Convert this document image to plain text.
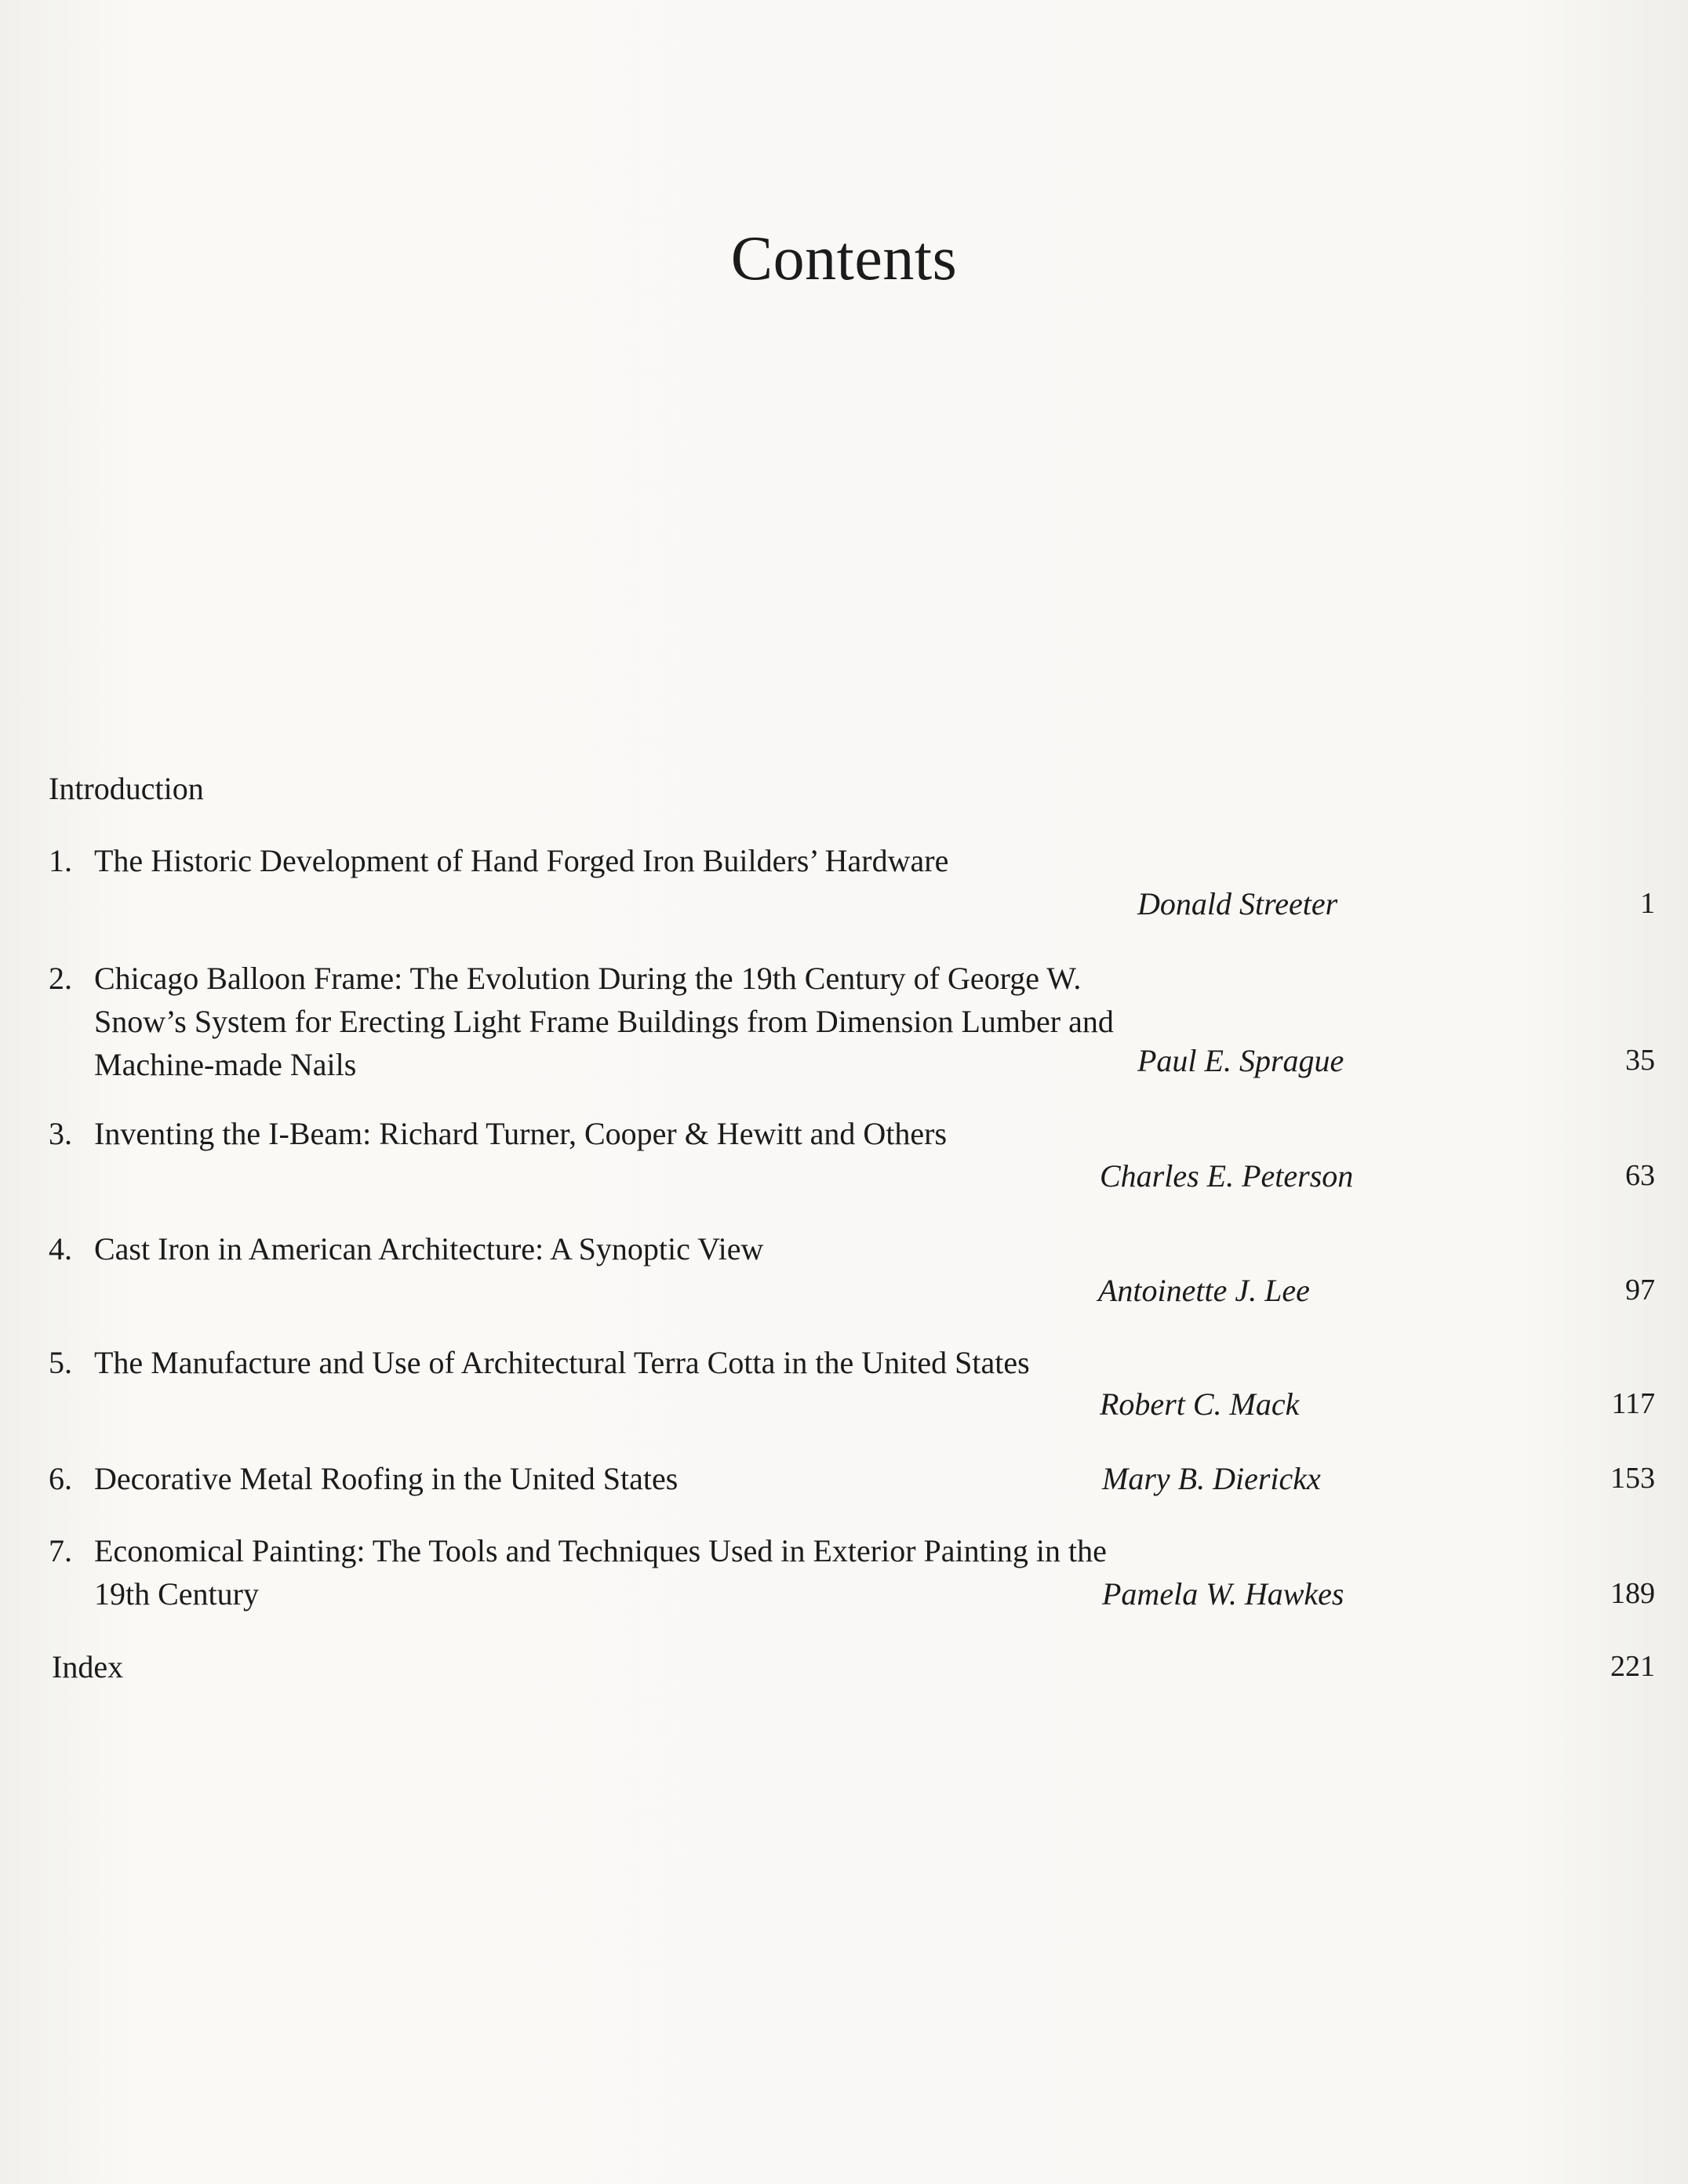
Contents
Introduction
1. The Historic Development of Hand Forged Iron Builders’ Hardware
Donald Streeter	1
2. Chicago Balloon Frame: The Evolution During the 19th Century of George W.
Snow’s System for Erecting Light Frame Buildings from Dimension Lumber and
Machine-made Nails	Paul E. Sprague	35
3. Inventing the I-Beam: Richard Turner, Cooper & Hewitt and Others
Charles E. Peterson	63
4. Cast Iron in American Architecture: A Synoptic View
Antoinette J. Lee	97
5. The Manufacture and Use of Architectural Terra Cotta in the United States
Robert C. Mack	117
6. Decorative Metal Roofing in the United States	Mary B. Dierickx	153
7. Economical Painting: The Tools and Techniques Used in Exterior Painting in the
19th Century	Pamela W. Hawkes	189
Index	221
